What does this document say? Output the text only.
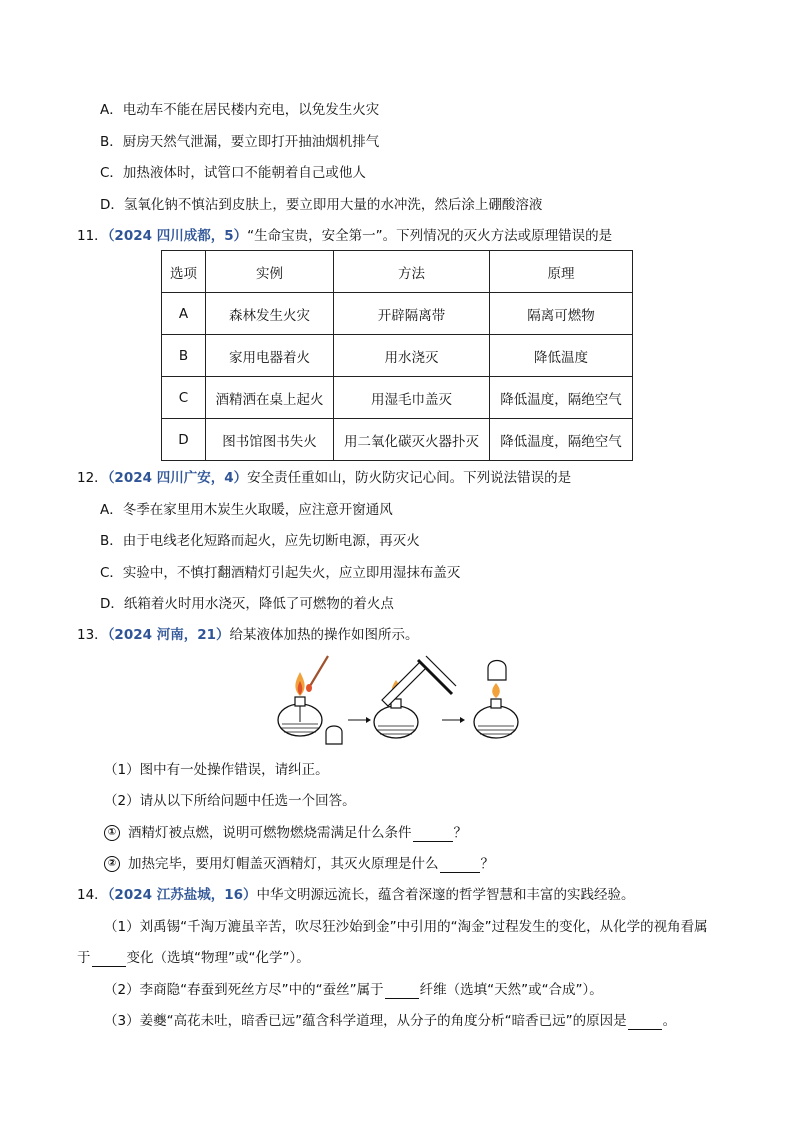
A．电动车不能在居民楼内充电，以免发生火灾
B．厨房天然气泄漏，要立即打开抽油烟机排气
C．加热液体时，试管口不能朝着自己或他人
D．氢氧化钠不慎沾到皮肤上，要立即用大量的水冲洗，然后涂上硼酸溶液
11．（2024 四川成都，5）“生命宝贵，安全第一”。下列情况的灭火方法或原理错误的是
选项	实例	方法	原理
A	森林发生火灾	开辟隔离带	隔离可燃物
B	家用电器着火	用水浇灭	降低温度
C	酒精洒在桌上起火	用湿毛巾盖灭	降低温度，隔绝空气
D	图书馆图书失火	用二氧化碳灭火器扑灭	降低温度，隔绝空气
12．（2024 四川广安，4）安全责任重如山，防火防灾记心间。下列说法错误的是
A．冬季在家里用木炭生火取暖，应注意开窗通风
B．由于电线老化短路而起火，应先切断电源，再灭火
C．实验中，不慎打翻酒精灯引起失火，应立即用湿抹布盖灭
D．纸箱着火时用水浇灭，降低了可燃物的着火点
13．（2024 河南，21）给某液体加热的操作如图所示。
（1）图中有一处操作错误，请纠正。
（2）请从以下所给问题中任选一个回答。
① 酒精灯被点燃，说明可燃物燃烧需满足什么条件	？
② 加热完毕，要用灯帽盖灭酒精灯，其灭火原理是什么	？
14．（2024 江苏盐城，16）中华文明源远流长，蕴含着深邃的哲学智慧和丰富的实践经验。
（1）刘禹锡“千淘万漉虽辛苦，吹尽狂沙始到金”中引用的“淘金”过程发生的变化，从化学的视角看属
于	变化（选填“物理”或“化学”）。
（2）李商隐“春蚕到死丝方尽”中的“蚕丝”属于	纤维（选填“天然”或“合成”）。
（3）姜夔“高花未吐，暗香已远”蕴含科学道理，从分子的角度分析“暗香已远”的原因是	。
